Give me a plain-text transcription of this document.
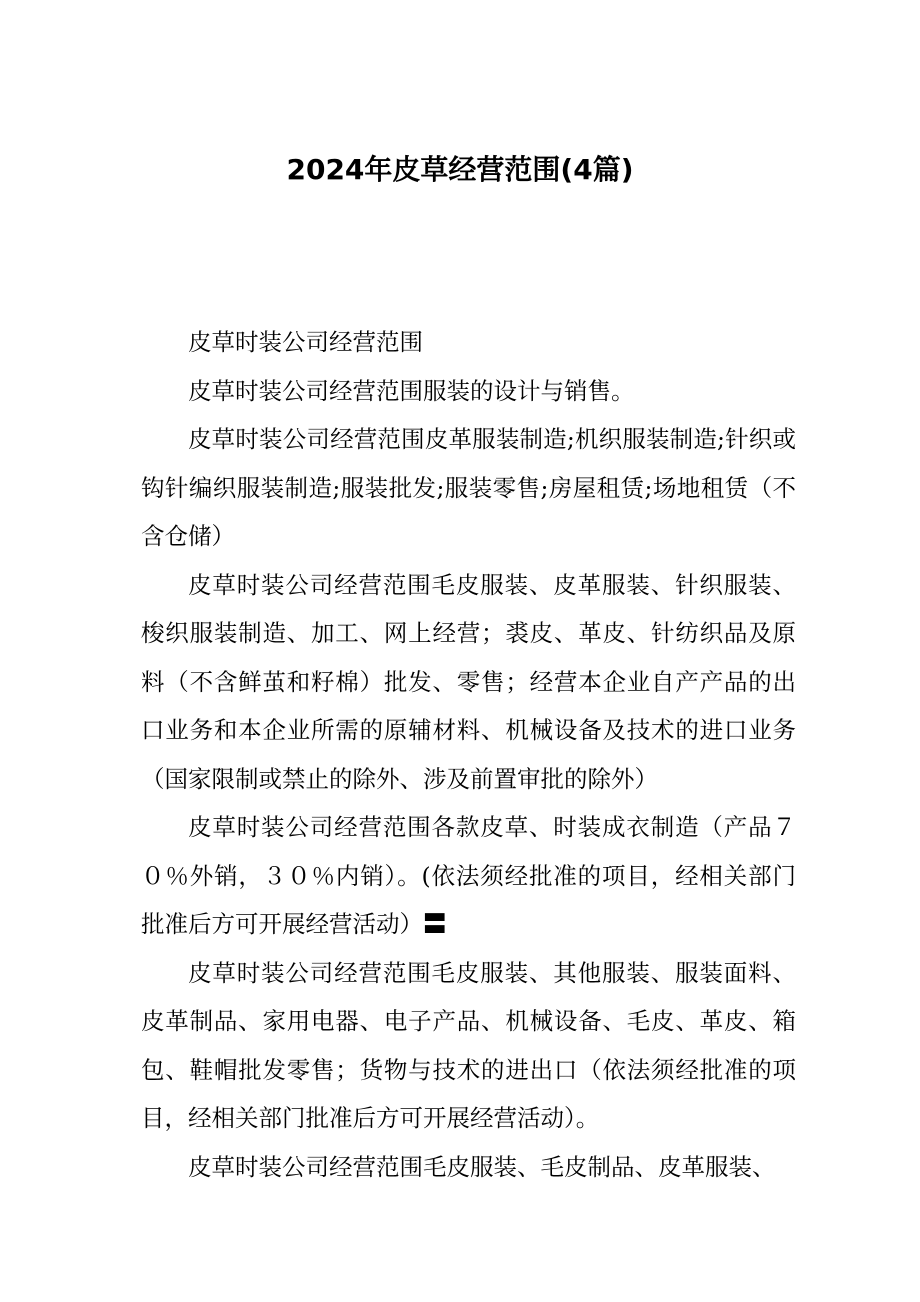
2024年皮草经营范围(4篇)

皮草时装公司经营范围

皮草时装公司经营范围服装的设计与销售。

皮草时装公司经营范围皮革服装制造;机织服装制造;针织或钩针编织服装制造;服装批发;服装零售;房屋租赁;场地租赁（不含仓储）

皮草时装公司经营范围毛皮服装、皮革服装、针织服装、梭织服装制造、加工、网上经营；裘皮、革皮、针纺织品及原料（不含鲜茧和籽棉）批发、零售；经营本企业自产产品的出口业务和本企业所需的原辅材料、机械设备及技术的进口业务（国家限制或禁止的除外、涉及前置审批的除外）

皮草时装公司经营范围各款皮草、时装成衣制造（产品７０％外销，３０％内销）。(依法须经批准的项目，经相关部门批准后方可开展经营活动）〓

皮草时装公司经营范围毛皮服装、其他服装、服装面料、皮革制品、家用电器、电子产品、机械设备、毛皮、革皮、箱包、鞋帽批发零售；货物与技术的进出口（依法须经批准的项目，经相关部门批准后方可开展经营活动）。

皮草时装公司经营范围毛皮服装、毛皮制品、皮革服装、
